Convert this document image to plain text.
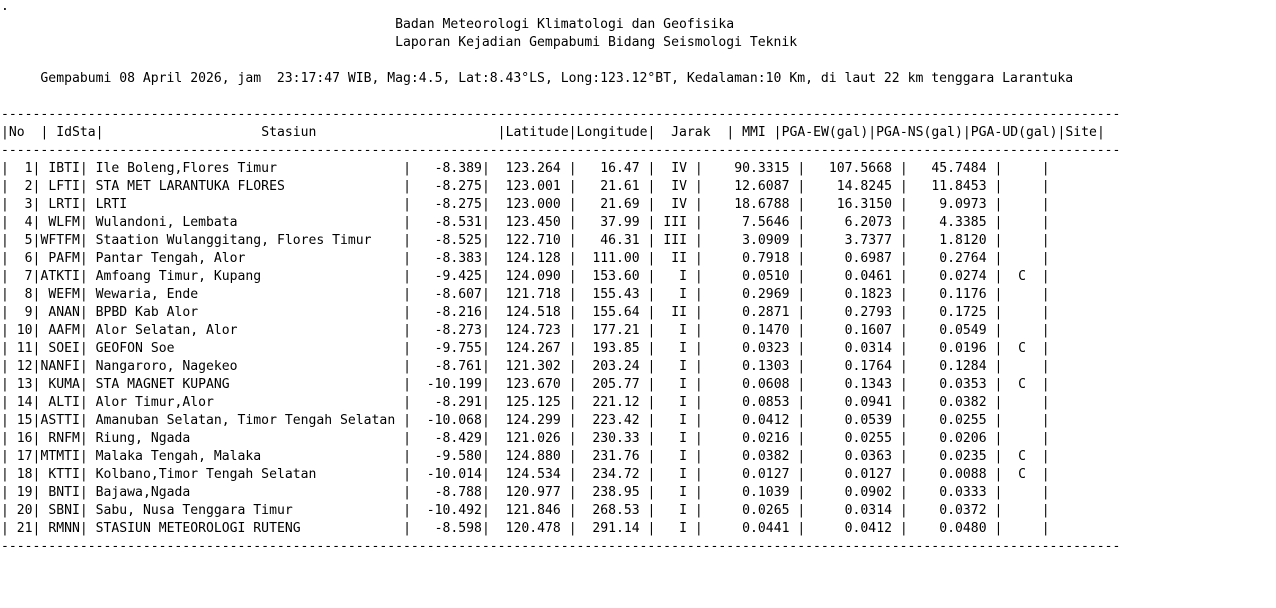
.
Badan Meteorologi Klimatologi dan Geofisika
Laporan Kejadian Gempabumi Bidang Seismologi Teknik

Gempabumi 08 April 2026, jam  23:17:47 WIB, Mag:4.5, Lat:8.43°LS, Long:123.12°BT, Kedalaman:10 Km, di laut 22 km tenggara Larantuka

----------------------------------------------------------------------------------------------------------------------------------------------
|No  | IdSta|                    Stasiun                       |Latitude|Longitude|  Jarak  | MMI |PGA-EW(gal)|PGA-NS(gal)|PGA-UD(gal)|Site|
----------------------------------------------------------------------------------------------------------------------------------------------
|  1| IBTI| Ile Boleng,Flores Timur                |   -8.389|  123.264 |   16.47 |  IV |    90.3315 |   107.5668 |   45.7484 |     |
|  2| LFTI| STA MET LARANTUKA FLORES               |   -8.275|  123.001 |   21.61 |  IV |    12.6087 |    14.8245 |   11.8453 |     |
|  3| LRTI| LRTI                                   |   -8.275|  123.000 |   21.69 |  IV |    18.6788 |    16.3150 |    9.0973 |     |
|  4| WLFM| Wulandoni, Lembata                     |   -8.531|  123.450 |   37.99 | III |     7.5646 |     6.2073 |    4.3385 |     |
|  5|WFTFM| Staation Wulanggitang, Flores Timur    |   -8.525|  122.710 |   46.31 | III |     3.0909 |     3.7377 |    1.8120 |     |
|  6| PAFM| Pantar Tengah, Alor                    |   -8.383|  124.128 |  111.00 |  II |     0.7918 |     0.6987 |    0.2764 |     |
|  7|ATKTI| Amfoang Timur, Kupang                  |   -9.425|  124.090 |  153.60 |   I |     0.0510 |     0.0461 |    0.0274 |  C  |
|  8| WEFM| Wewaria, Ende                          |   -8.607|  121.718 |  155.43 |   I |     0.2969 |     0.1823 |    0.1176 |     |
|  9| ANAN| BPBD Kab Alor                          |   -8.216|  124.518 |  155.64 |  II |     0.2871 |     0.2793 |    0.1725 |     |
| 10| AAFM| Alor Selatan, Alor                     |   -8.273|  124.723 |  177.21 |   I |     0.1470 |     0.1607 |    0.0549 |     |
| 11| SOEI| GEOFON Soe                             |   -9.755|  124.267 |  193.85 |   I |     0.0323 |     0.0314 |    0.0196 |  C  |
| 12|NANFI| Nangaroro, Nagekeo                     |   -8.761|  121.302 |  203.24 |   I |     0.1303 |     0.1764 |    0.1284 |     |
| 13| KUMA| STA MAGNET KUPANG                      |  -10.199|  123.670 |  205.77 |   I |     0.0608 |     0.1343 |    0.0353 |  C  |
| 14| ALTI| Alor Timur,Alor                        |   -8.291|  125.125 |  221.12 |   I |     0.0853 |     0.0941 |    0.0382 |     |
| 15|ASTTI| Amanuban Selatan, Timor Tengah Selatan |  -10.068|  124.299 |  223.42 |   I |     0.0412 |     0.0539 |    0.0255 |     |
| 16| RNFM| Riung, Ngada                           |   -8.429|  121.026 |  230.33 |   I |     0.0216 |     0.0255 |    0.0206 |     |
| 17|MTMTI| Malaka Tengah, Malaka                  |   -9.580|  124.880 |  231.76 |   I |     0.0382 |     0.0363 |    0.0235 |  C  |
| 18| KTTI| Kolbano,Timor Tengah Selatan           |  -10.014|  124.534 |  234.72 |   I |     0.0127 |     0.0127 |    0.0088 |  C  |
| 19| BNTI| Bajawa,Ngada                           |   -8.788|  120.977 |  238.95 |   I |     0.1039 |     0.0902 |    0.0333 |     |
| 20| SBNI| Sabu, Nusa Tenggara Timur              |  -10.492|  121.846 |  268.53 |   I |     0.0265 |     0.0314 |    0.0372 |     |
| 21| RMNN| STASIUN METEOROLOGI RUTENG             |   -8.598|  120.478 |  291.14 |   I |     0.0441 |     0.0412 |    0.0480 |     |
----------------------------------------------------------------------------------------------------------------------------------------------
